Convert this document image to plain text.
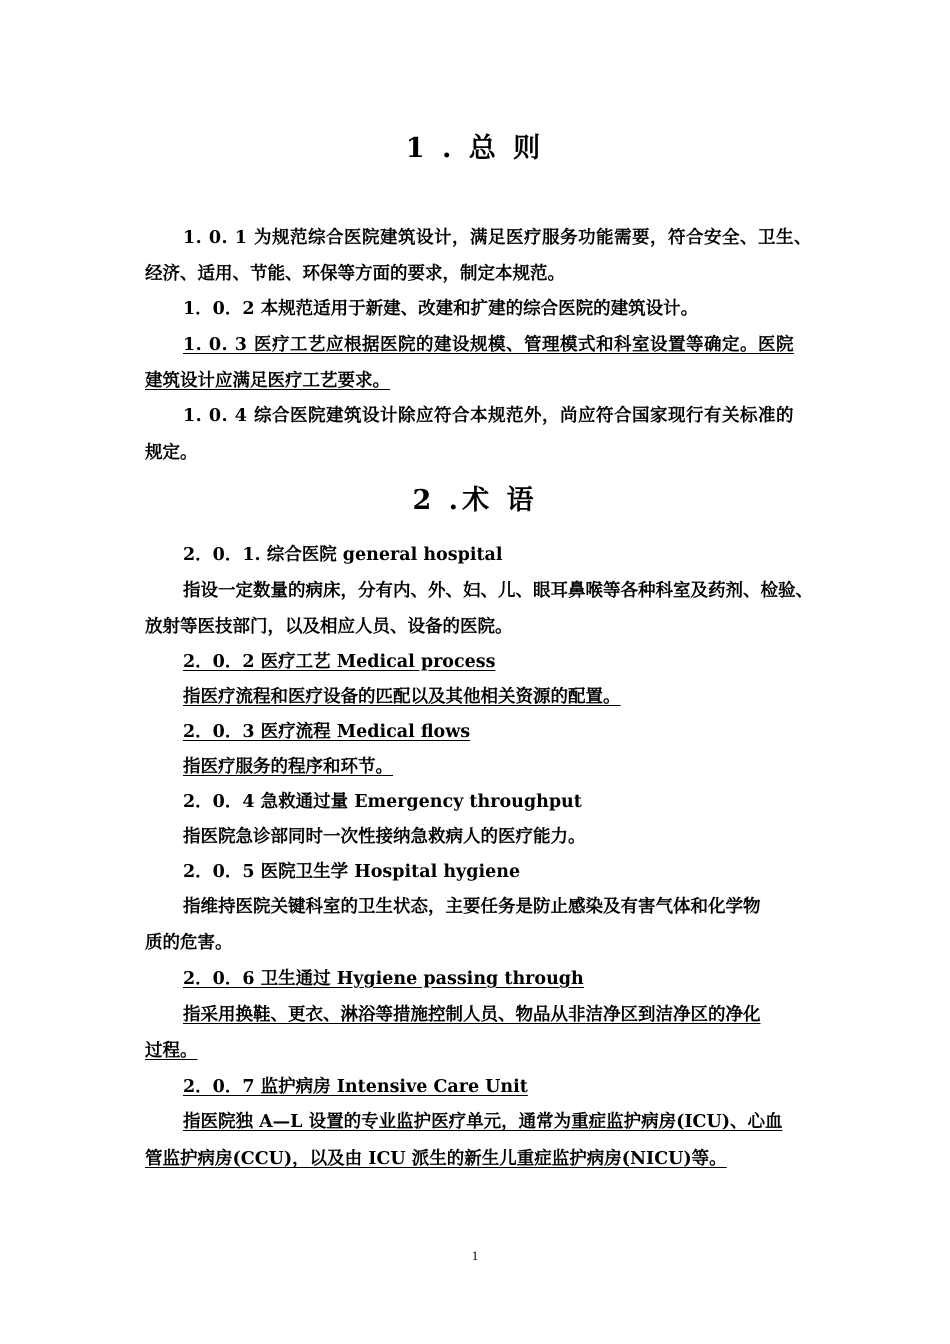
1 . 总 则
1. 0. 1 为规范综合医院建筑设计，满足医疗服务功能需要，符合安全、卫生、
经济、适用、节能、环保等方面的要求，制定本规范。
1．0．2 本规范适用于新建、改建和扩建的综合医院的建筑设计。
1. 0. 3 医疗工艺应根据医院的建设规模、管理模式和科室设置等确定。医院
建筑设计应满足医疗工艺要求。
1. 0. 4 综合医院建筑设计除应符合本规范外，尚应符合国家现行有关标准的
规定。
2 .术 语
2．0．1. 综合医院 general hospital
指设一定数量的病床，分有内、外、妇、儿、眼耳鼻喉等各种科室及药剂、检验、
放射等医技部门，以及相应人员、设备的医院。
2．0．2 医疗工艺 Medical process
指医疗流程和医疗设备的匹配以及其他相关资源的配置。
2．0．3 医疗流程 Medical flows
指医疗服务的程序和环节。
2．0．4 急救通过量 Emergency throughput
指医院急诊部同时一次性接纳急救病人的医疗能力。
2．0．5 医院卫生学 Hospital hygiene
指维持医院关键科室的卫生状态，主要任务是防止感染及有害气体和化学物
质的危害。
2．0．6 卫生通过 Hygiene passing through
指采用换鞋、更衣、淋浴等措施控制人员、物品从非洁净区到洁净区的净化
过程。
2．0．7 监护病房 Intensive Care Unit
指医院独 A—L 设置的专业监护医疗单元，通常为重症监护病房(ICU)、心血
管监护病房(CCU)，以及由 ICU 派生的新生儿重症监护病房(NICU)等。
1
